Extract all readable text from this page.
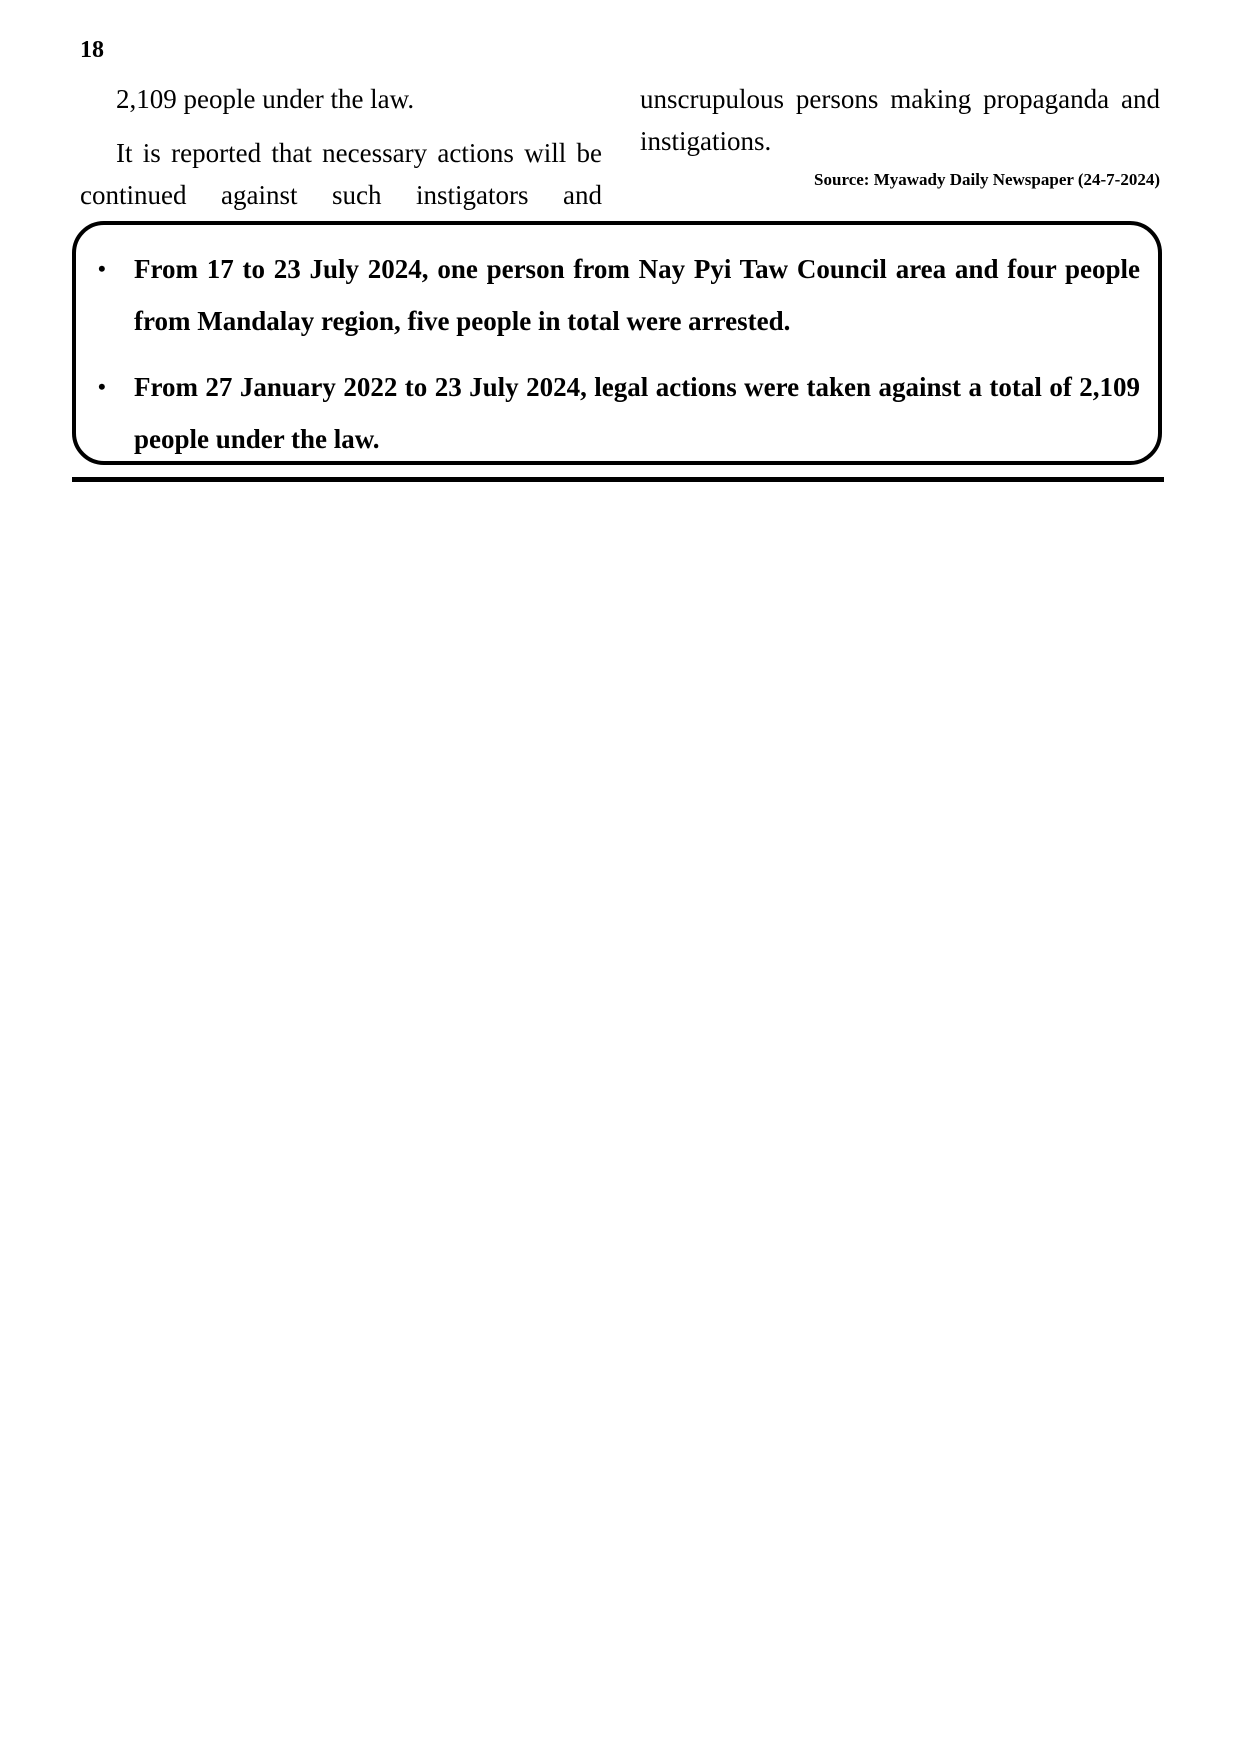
18

2,109 people under the law.

It is reported that necessary actions will be continued against such instigators and

unscrupulous persons making propaganda and instigations.

Source: Myawady Daily Newspaper (24-7-2024)
• From 17 to 23 July 2024, one person from Nay Pyi Taw Council area and four people from Mandalay region, five people in total were arrested.
• From 27 January 2022 to 23 July 2024, legal actions were taken against a total of 2,109 people under the law.
